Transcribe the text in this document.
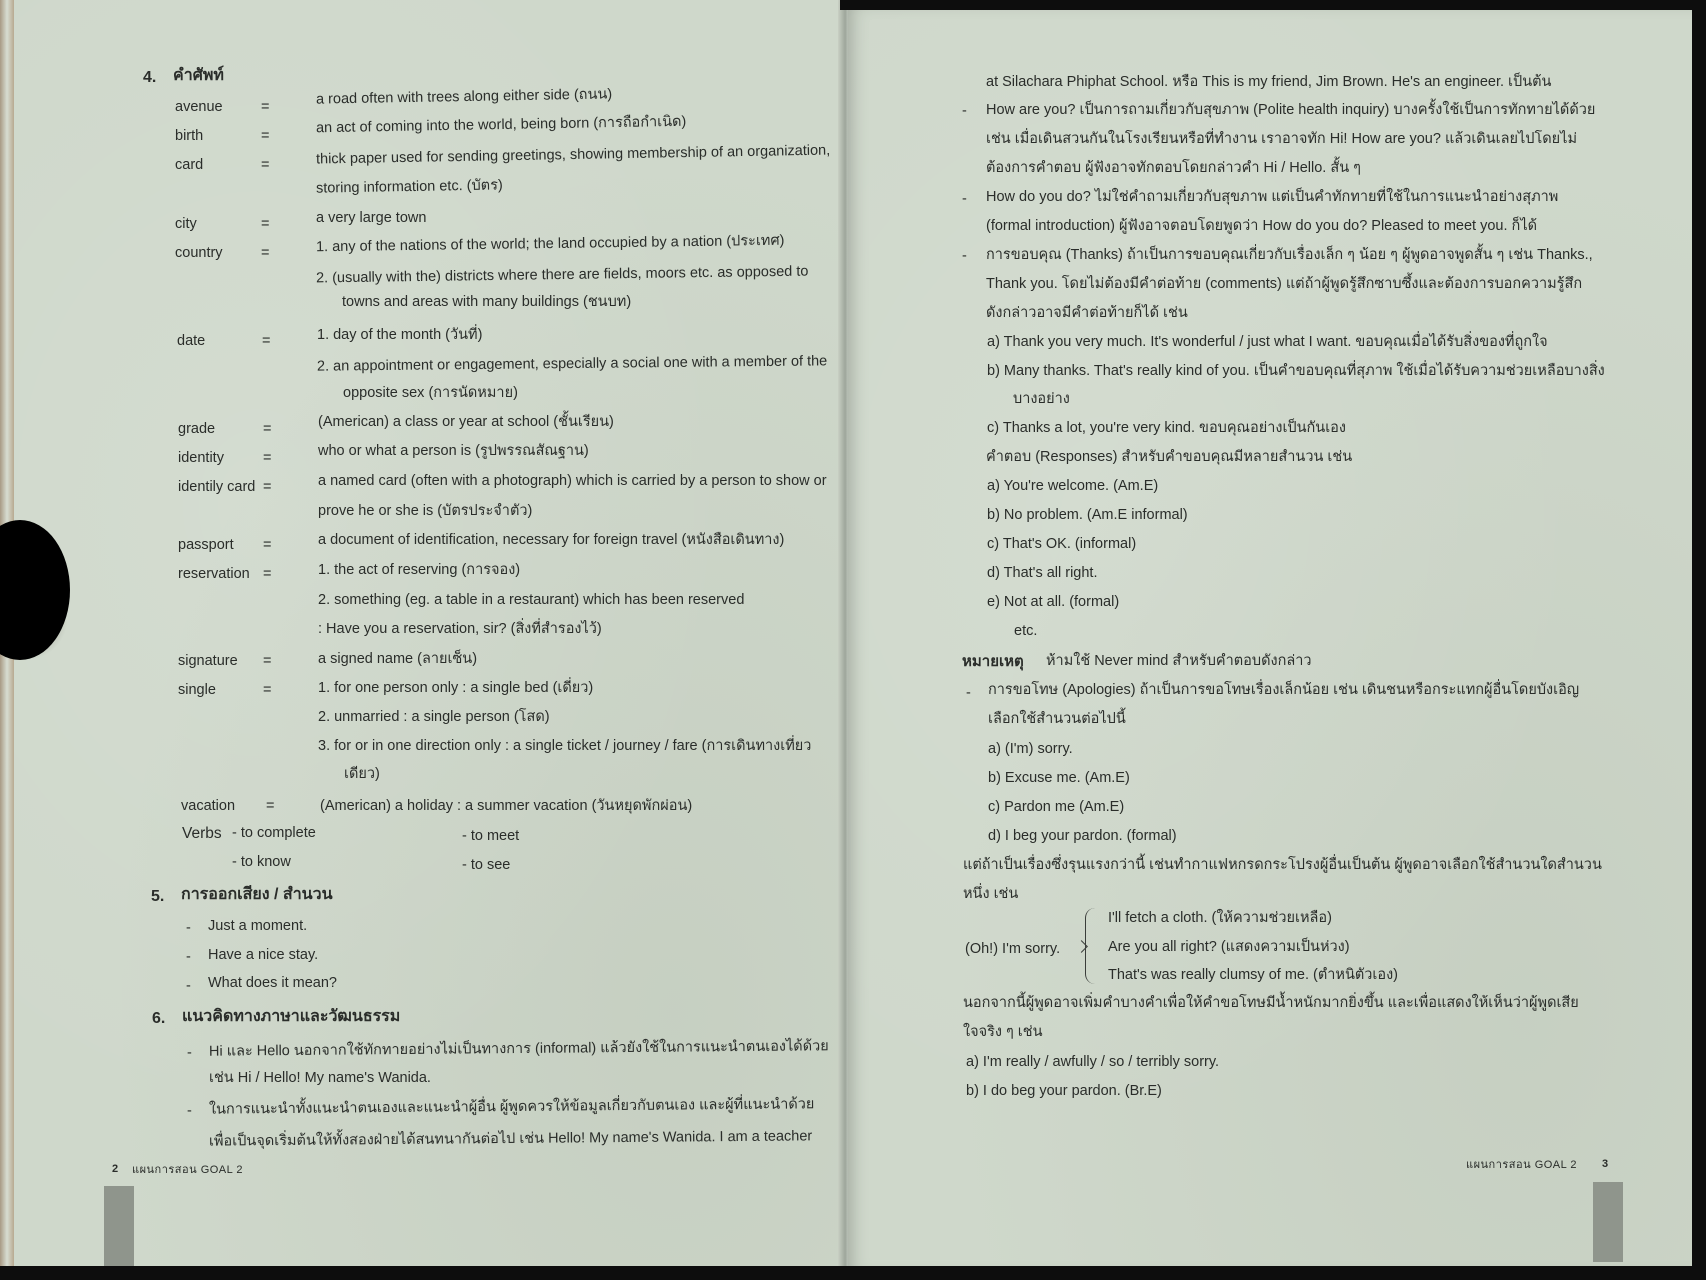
4. คำศัพท์
avenue	=	a road often with trees along either side (ถนน)
birth	=	an act of coming into the world, being born (การถือกำเนิด)
card	=	thick paper used for sending greetings, showing membership of an organization,
storing information etc. (บัตร)
city	=	a very large town
country	=	1. any of the nations of the world; the land occupied by a nation (ประเทศ)
2. (usually with the) districts where there are fields, moors etc. as opposed to
towns and areas with many buildings (ชนบท)
date	=	1. day of the month (วันที่)
2. an appointment or engagement, especially a social one with a member of the
opposite sex (การนัดหมาย)
grade	=	(American) a class or year at school (ชั้นเรียน)
identity	=	who or what a person is (รูปพรรณสัณฐาน)
identily card =	a named card (often with a photograph) which is carried by a person to show or
prove he or she is (บัตรประจำตัว)
passport =	a document of identification, necessary for foreign travel (หนังสือเดินทาง)
reservation =	1. the act of reserving (การจอง)
2. something (eg. a table in a restaurant) which has been reserved
: Have you a reservation, sir? (สิ่งที่สำรองไว้)
signature =	a signed name (ลายเซ็น)
single	=	1. for one person only : a single bed (เดี่ยว)
2. unmarried : a single person (โสด)
3. for or in one direction only : a single ticket / journey / fare (การเดินทางเที่ยว
เดียว)
vacation =	(American) a holiday : a summer vacation (วันหยุดพักผ่อน)
Verbs - to complete	- to meet
- to know	- to see
5. การออกเสียง / สำนวน
- Just a moment.
- Have a nice stay.
- What does it mean?
6. แนวคิดทางภาษาและวัฒนธรรม
- Hi และ Hello นอกจากใช้ทักทายอย่างไม่เป็นทางการ (informal) แล้วยังใช้ในการแนะนำตนเองได้ด้วย
เช่น Hi / Hello! My name's Wanida.
- ในการแนะนำทั้งแนะนำตนเองและแนะนำผู้อื่น ผู้พูดควรให้ข้อมูลเกี่ยวกับตนเอง และผู้ที่แนะนำด้วย
เพื่อเป็นจุดเริ่มต้นให้ทั้งสองฝ่ายได้สนทนากันต่อไป เช่น Hello! My name's Wanida. I am a teacher
2 แผนการสอน GOAL 2
at Silachara Phiphat School. หรือ This is my friend, Jim Brown. He's an engineer. เป็นต้น
- How are you? เป็นการถามเกี่ยวกับสุขภาพ (Polite health inquiry) บางครั้งใช้เป็นการทักทายได้ด้วย
เช่น เมื่อเดินสวนกันในโรงเรียนหรือที่ทำงาน เราอาจทัก Hi! How are you? แล้วเดินเลยไปโดยไม่
ต้องการคำตอบ ผู้ฟังอาจทักตอบโดยกล่าวคำ Hi / Hello. สั้น ๆ
- How do you do? ไม่ใช่คำถามเกี่ยวกับสุขภาพ แต่เป็นคำทักทายที่ใช้ในการแนะนำอย่างสุภาพ
(formal introduction) ผู้ฟังอาจตอบโดยพูดว่า How do you do? Pleased to meet you. ก็ได้
- การขอบคุณ (Thanks) ถ้าเป็นการขอบคุณเกี่ยวกับเรื่องเล็ก ๆ น้อย ๆ ผู้พูดอาจพูดสั้น ๆ เช่น Thanks.,
Thank you. โดยไม่ต้องมีคำต่อท้าย (comments) แต่ถ้าผู้พูดรู้สึกซาบซึ้งและต้องการบอกความรู้สึก
ดังกล่าวอาจมีคำต่อท้ายก็ได้ เช่น
a) Thank you very much. It's wonderful / just what I want. ขอบคุณเมื่อได้รับสิ่งของที่ถูกใจ
b) Many thanks. That's really kind of you. เป็นคำขอบคุณที่สุภาพ ใช้เมื่อได้รับความช่วยเหลือบางสิ่ง
บางอย่าง
c) Thanks a lot, you're very kind. ขอบคุณอย่างเป็นกันเอง
คำตอบ (Responses) สำหรับคำขอบคุณมีหลายสำนวน เช่น
a) You're welcome. (Am.E)
b) No problem. (Am.E informal)
c) That's OK. (informal)
d) That's all right.
e) Not at all. (formal)
etc.
หมายเหตุ ห้ามใช้ Never mind สำหรับคำตอบดังกล่าว
- การขอโทษ (Apologies) ถ้าเป็นการขอโทษเรื่องเล็กน้อย เช่น เดินชนหรือกระแทกผู้อื่นโดยบังเอิญ
เลือกใช้สำนวนต่อไปนี้
a) (I'm) sorry.
b) Excuse me. (Am.E)
c) Pardon me (Am.E)
d) I beg your pardon. (formal)
แต่ถ้าเป็นเรื่องซึ่งรุนแรงกว่านี้ เช่นทำกาแฟหกรดกระโปรงผู้อื่นเป็นต้น ผู้พูดอาจเลือกใช้สำนวนใดสำนวน
หนึ่ง เช่น
(Oh!) I'm sorry.
I'll fetch a cloth. (ให้ความช่วยเหลือ)
Are you all right? (แสดงความเป็นห่วง)
That's was really clumsy of me. (ตำหนิตัวเอง)
นอกจากนี้ผู้พูดอาจเพิ่มคำบางคำเพื่อให้คำขอโทษมีน้ำหนักมากยิ่งขึ้น และเพื่อแสดงให้เห็นว่าผู้พูดเสีย
ใจจริง ๆ เช่น
a) I'm really / awfully / so / terribly sorry.
b) I do beg your pardon. (Br.E)
แผนการสอน GOAL 2 3
